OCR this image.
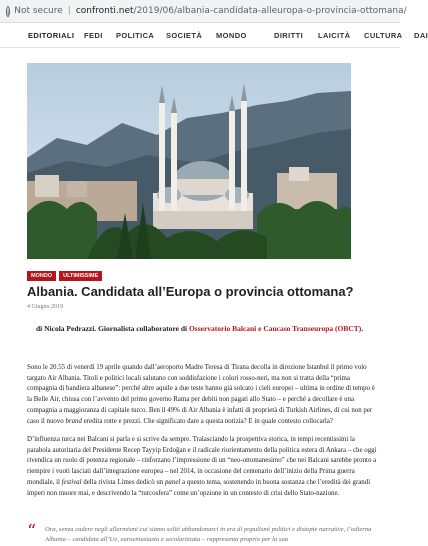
i Not secure | confronti.net /2019/06/albania-candidata-alleuropa-o-provincia-ottomana/
EDITORIALI	FEDI	POLITICA	SOCIETÀ	MONDO	DIRITTI	LAICITÀ	CULTURA	DAI
MONDO	ULTIMISSIME
Albania. Candidata all’Europa o provincia ottomana?
4 Giugno 2019
di Nicola Pedrazzi. Giornalista collaboratore di Osservatorio Balcani e Caucaso Transeuropa (OBCT).

Sono le 20.55 di venerdì 19 aprile quando dall’aeroporto Madre Teresa di Tirana decolla in direzione Istanbul il primo volo targato Air Albania. Titoli e politici locali salutano con soddisfazione i colori rosso-neri, ma non si tratta della “prima compagnia di bandiera albanese”: perché altre aquile a due teste hanno già solcato i cieli europei – ultima in ordine di tempo è la Belle Air, chiusa con l’avvento del primo governo Rama per debiti non pagati allo Stato – e perché a decollare è una compagnia a maggioranza di capitale turco. Ben il 49% di Air Albania è infatti di proprietà di Turkish Airlines, di cui non per caso il nuovo brand eredita rotte e prezzi. Che significato dare a questa notizia? E in quale contesto collocarla?

D’influenza turca nei Balcani si parla e si scrive da sempre. Tralasciando la prospettiva storica, in tempi recentissimi la parabola autoritaria del Presidente Recep Tayyip Erdoğan e il radicale riorientamento della politica estera di Ankara – che oggi rivendica un ruolo di potenza regionale – rinforzano l’impressione di un “neo-ottomanesimo” che nei Balcani sarebbe pronto a riempire i vuoti lasciati dall’integrazione europea – nel 2014, in occasione del centenario dell’inizio della Prima guerra mondiale, il festival della rivista Limes dedicò un panel a questo tema, sostenendo in buona sostanza che l’eredità dei grandi imperi non muore mai, e descrivendo la “turcosfera” come un’opzione in un contesto di crisi dello Stato-nazione.

“	Ora, senza cadere negli allarmismi cui siamo soliti abbandonarci in era di populismi politici e distopie narrative, l’odierna Albania – candidata all’Ue, euroentusiasta e secolarizzata – rappresenta proprio per la sua
